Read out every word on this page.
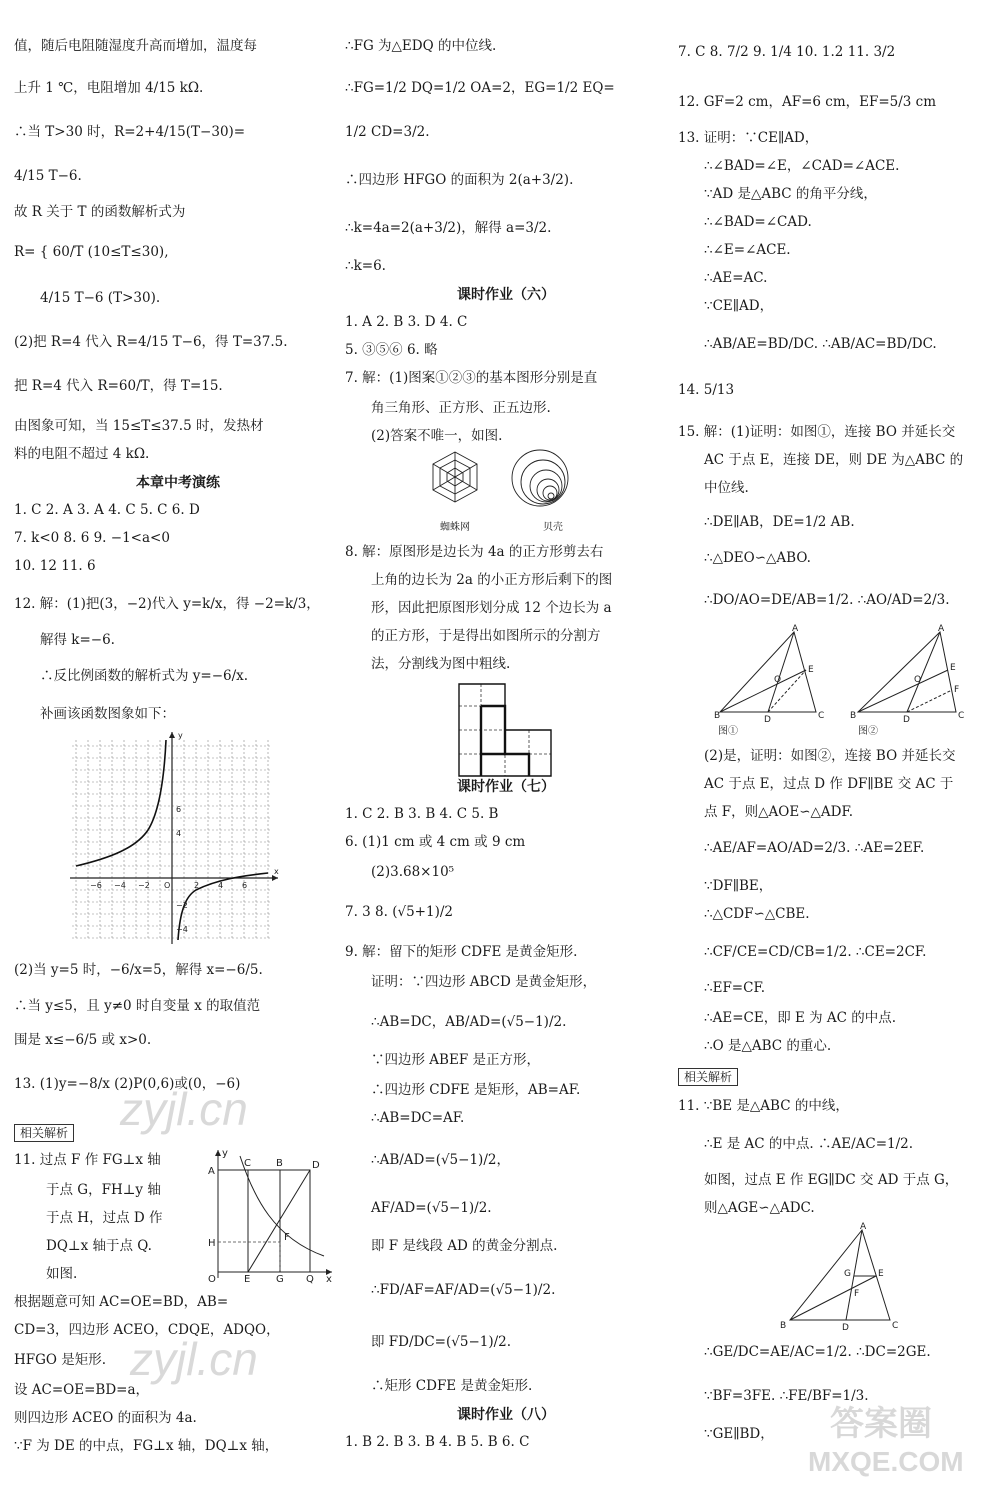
值，随后电阻随湿度升高而增加，温度每
上升 1 ℃，电阻增加 4/15 kΩ.
∴当 T>30 时，R=2+4/15(T−30)=
4/15 T−6.
故 R 关于 T 的函数解析式为
R= { 60/T (10≤T≤30),
4/15 T−6 (T>30).
(2)把 R=4 代入 R=4/15 T−6，得 T=37.5.
把 R=4 代入 R=60/T，得 T=15.
由图象可知，当 15≤T≤37.5 时，发热材
料的电阻不超过 4 kΩ.
本章中考演练
1. C 2. A 3. A 4. C 5. C 6. D
7. k<0 8. 6 9. −1<a<0
10. 12 11. 6
12. 解：(1)把(3，−2)代入 y=k/x，得 −2=k/3，
解得 k=−6.
∴反比例函数的解析式为 y=−6/x.
补画该函数图象如下：
−6 −4 −2 O	2 4 6
4
6
−2
−4
x
y
(2)当 y=5 时，−6/x=5，解得 x=−6/5.
∴当 y≤5，且 y≠0 时自变量 x 的取值范
围是 x≤−6/5 或 x>0.
13. (1)y=−8/x (2)P(0,6)或(0，−6)
相关解析
11. 过点 F 作 FG⊥x 轴
于点 G，FH⊥y 轴
于点 H，过点 D 作
DQ⊥x 轴于点 Q.
如图.
A
C	B	D
H
F
O	E	G Q x
y
根据题意可知 AC=OE=BD，AB=
CD=3，四边形 ACEO，CDQE，ADQO，
HFGO 是矩形.
设 AC=OE=BD=a，
则四边形 ACEO 的面积为 4a.
∵F 为 DE 的中点，FG⊥x 轴，DQ⊥x 轴，
∴FG 为△EDQ 的中位线.
∴FG=1/2 DQ=1/2 OA=2，EG=1/2 EQ=
1/2 CD=3/2.
∴四边形 HFGO 的面积为 2(a+3/2).
∴k=4a=2(a+3/2)，解得 a=3/2.
∴k=6.
课时作业（六）
1. A 2. B 3. D 4. C
5. ③⑤⑥ 6. 略
7. 解：(1)图案①②③的基本图形分别是直
角三角形、正方形、正五边形.
(2)答案不唯一，如图.
蜘蛛网	贝壳
8. 解：原图形是边长为 4a 的正方形剪去右
上角的边长为 2a 的小正方形后剩下的图
形，因此把原图形划分成 12 个边长为 a
的正方形，于是得出如图所示的分割方
法，分割线为图中粗线.
课时作业（七）
1. C 2. B 3. B 4. C 5. B
6. (1)1 cm 或 4 cm 或 9 cm
(2)3.68×10⁵
7. 3 8. (√5+1)/2
9. 解：留下的矩形 CDFE 是黄金矩形.
证明：∵四边形 ABCD 是黄金矩形，
∴AB=DC，AB/AD=(√5−1)/2.
∵四边形 ABEF 是正方形，
∴四边形 CDFE 是矩形，AB=AF.
∴AB=DC=AF.
∴AB/AD=(√5−1)/2，
AF/AD=(√5−1)/2.
即 F 是线段 AD 的黄金分割点.
∴FD/AF=AF/AD=(√5−1)/2.
即 FD/DC=(√5−1)/2.
∴矩形 CDFE 是黄金矩形.
课时作业（八）
1. B 2. B 3. B 4. B 5. B 6. C
7. C 8. 7/2 9. 1/4 10. 1.2 11. 3/2
12. GF=2 cm，AF=6 cm，EF=5/3 cm
13. 证明：∵CE∥AD，
∴∠BAD=∠E，∠CAD=∠ACE.
∵AD 是△ABC 的角平分线，
∴∠BAD=∠CAD.
∴∠E=∠ACE.
∴AE=AC.
∵CE∥AD，
∴AB/AE=BD/DC. ∴AB/AC=BD/DC.
14. 5/13
15. 解：(1)证明：如图①，连接 BO 并延长交
AC 于点 E，连接 DE，则 DE 为△ABC 的
中位线.
∴DE∥AB，DE=1/2 AB.
∴△DEO∽△ABO.
∴DO/AO=DE/AB=1/2. ∴AO/AD=2/3.
A
B	C
D
E
O
A
B	C
D
E
F
O
图①	图②
(2)是，证明：如图②，连接 BO 并延长交
AC 于点 E，过点 D 作 DF∥BE 交 AC 于
点 F，则△AOE∽△ADF.
∴AE/AF=AO/AD=2/3. ∴AE=2EF.
∵DF∥BE，
∴△CDF∽△CBE.
∴CF/CE=CD/CB=1/2. ∴CE=2CF.
∴EF=CF.
∴AE=CE，即 E 为 AC 的中点.
∴O 是△ABC 的重心.
相关解析
11. ∵BE 是△ABC 的中线，
∴E 是 AC 的中点. ∴AE/AC=1/2.
如图，过点 E 作 EG∥DC 交 AD 于点 G，
则△AGE∽△ADC.
A
B	C
D
E
G
F
∴GE/DC=AE/AC=1/2. ∴DC=2GE.
∵BF=3FE. ∴FE/BF=1/3.
∵GE∥BD，
zyjl.cn
zyjl.cn
答案圈
MXQE.COM
